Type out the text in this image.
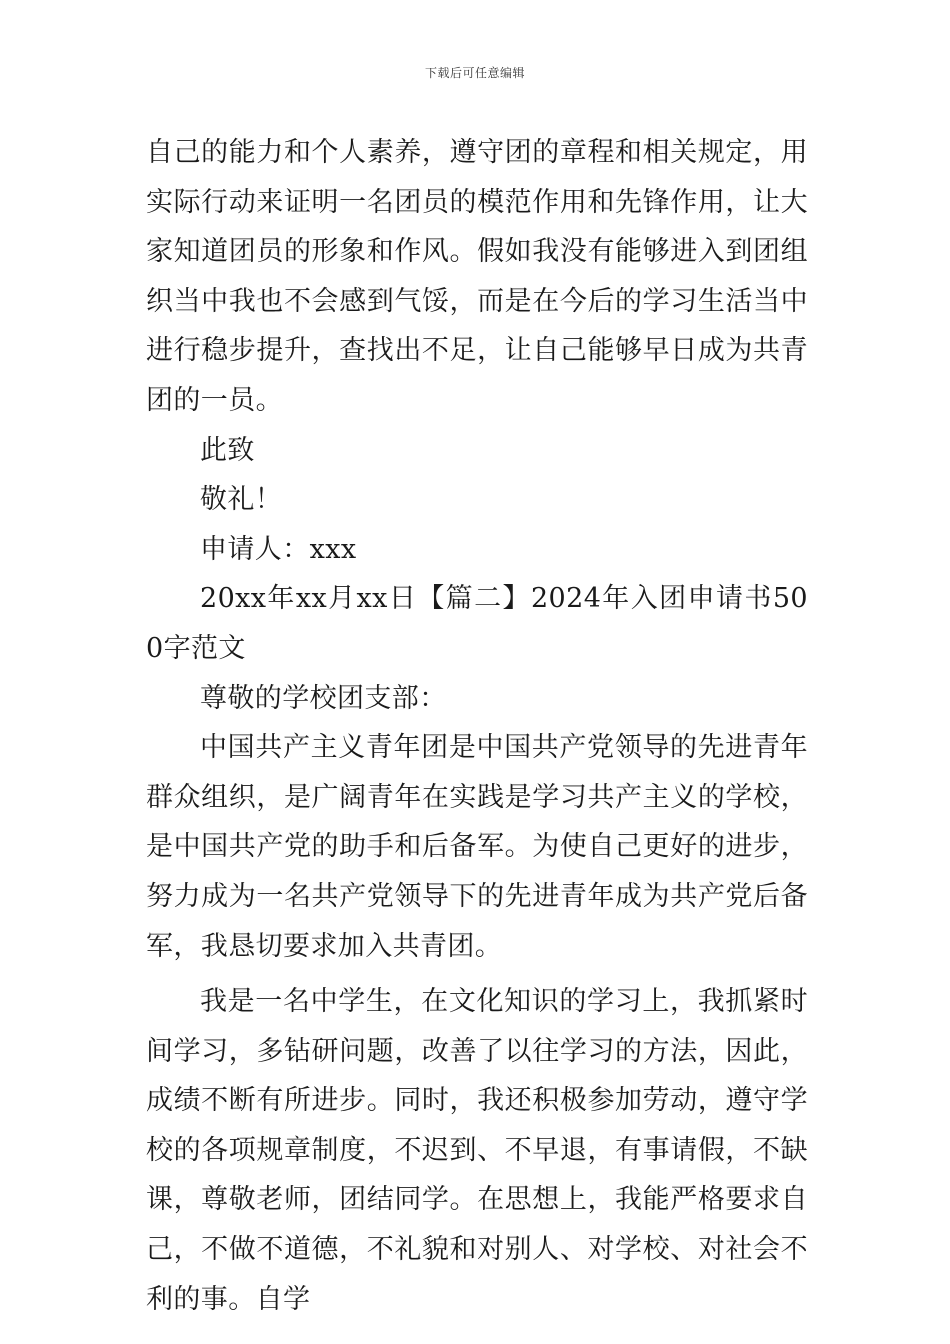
下载后可任意编辑

自己的能力和个人素养，遵守团的章程和相关规定，用实际行动来证明一名团员的模范作用和先锋作用，让大家知道团员的形象和作风。假如我没有能够进入到团组织当中我也不会感到气馁，而是在今后的学习生活当中进行稳步提升，查找出不足，让自己能够早日成为共青团的一员。

此致

敬礼！

申请人：xxx

20xx年xx月xx日【篇二】2024年入团申请书500字范文

尊敬的学校团支部：

中国共产主义青年团是中国共产党领导的先进青年群众组织，是广阔青年在实践是学习共产主义的学校，是中国共产党的助手和后备军。为使自己更好的进步，努力成为一名共产党领导下的先进青年成为共产党后备军，我恳切要求加入共青团。

我是一名中学生，在文化知识的学习上，我抓紧时间学习，多钻研问题，改善了以往学习的方法，因此，成绩不断有所进步。同时，我还积极参加劳动，遵守学校的各项规章制度，不迟到、不早退，有事请假，不缺课，尊敬老师，团结同学。在思想上，我能严格要求自己，不做不道德，不礼貌和对别人、对学校、对社会不利的事。自学
